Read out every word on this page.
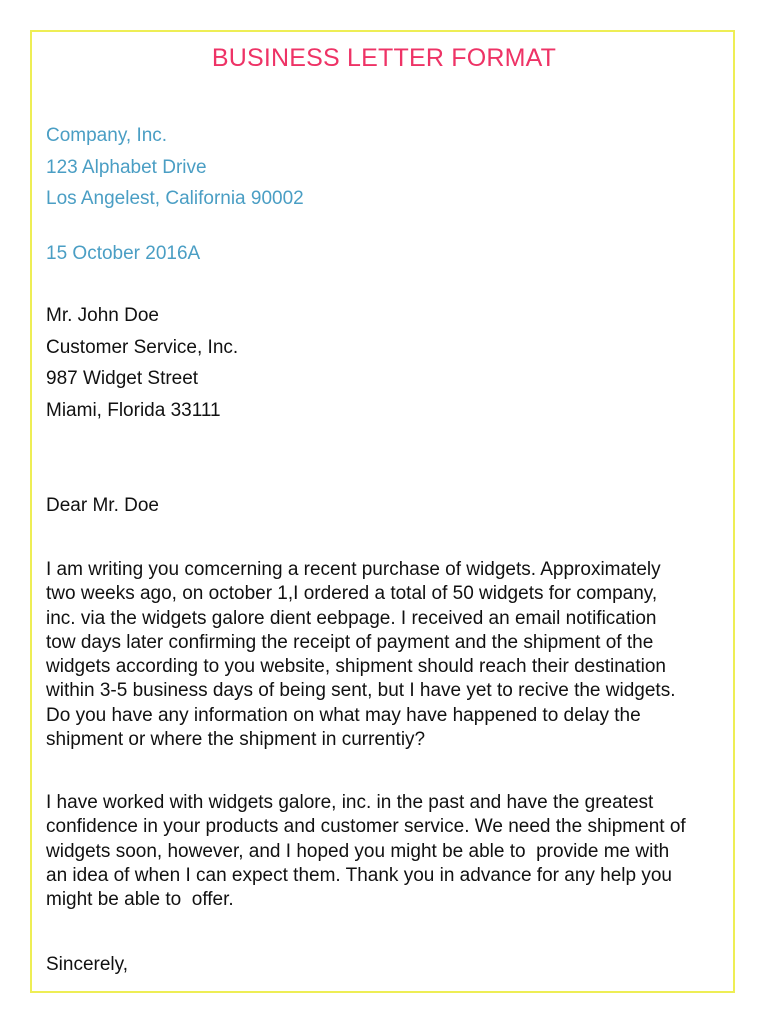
BUSINESS LETTER FORMAT
Company, Inc.
123 Alphabet Drive
Los Angelest, California 90002
15 October 2016A
Mr. John Doe
Customer Service, Inc.
987 Widget Street
Miami, Florida 33111
Dear Mr. Doe
I am writing you comcerning a recent purchase of widgets. Approximately
two weeks ago, on october 1,I ordered a total of 50 widgets for company,
inc. via the widgets galore dient eebpage. I received an email notification
tow days later confirming the receipt of payment and the shipment of the
widgets according to you website, shipment should reach their destination
within 3-5 business days of being sent, but I have yet to recive the widgets.
Do you have any information on what may have happened to delay the
shipment or where the shipment in currentiy?
I have worked with widgets galore, inc. in the past and have the greatest
confidence in your products and customer service. We need the shipment of
widgets soon, however, and I hoped you might be able to  provide me with
an idea of when I can expect them. Thank you in advance for any help you
might be able to  offer.
Sincerely,
